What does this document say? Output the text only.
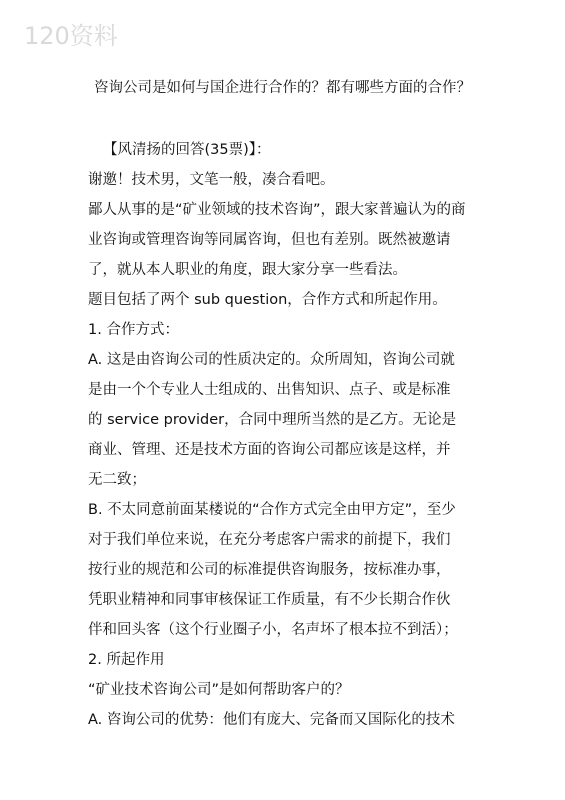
120资料
咨询公司是如何与国企进行合作的？都有哪些方面的合作？
【风清扬的回答(35票)】：
谢邀！技术男，文笔一般，凑合看吧。
鄙人从事的是“矿业领域的技术咨询”，跟大家普遍认为的商
业咨询或管理咨询等同属咨询，但也有差别。既然被邀请
了，就从本人职业的角度，跟大家分享一些看法。
题目包括了两个 sub question，合作方式和所起作用。
1. 合作方式：
A. 这是由咨询公司的性质决定的。众所周知，咨询公司就
是由一个个专业人士组成的、出售知识、点子、或是标准
的 service provider，合同中理所当然的是乙方。无论是
商业、管理、还是技术方面的咨询公司都应该是这样，并
无二致；
B. 不太同意前面某楼说的“合作方式完全由甲方定”，至少
对于我们单位来说，在充分考虑客户需求的前提下，我们
按行业的规范和公司的标准提供咨询服务，按标准办事，
凭职业精神和同事审核保证工作质量，有不少长期合作伙
伴和回头客（这个行业圈子小，名声坏了根本拉不到活）；
2. 所起作用
“矿业技术咨询公司”是如何帮助客户的？
A. 咨询公司的优势：他们有庞大、完备而又国际化的技术
